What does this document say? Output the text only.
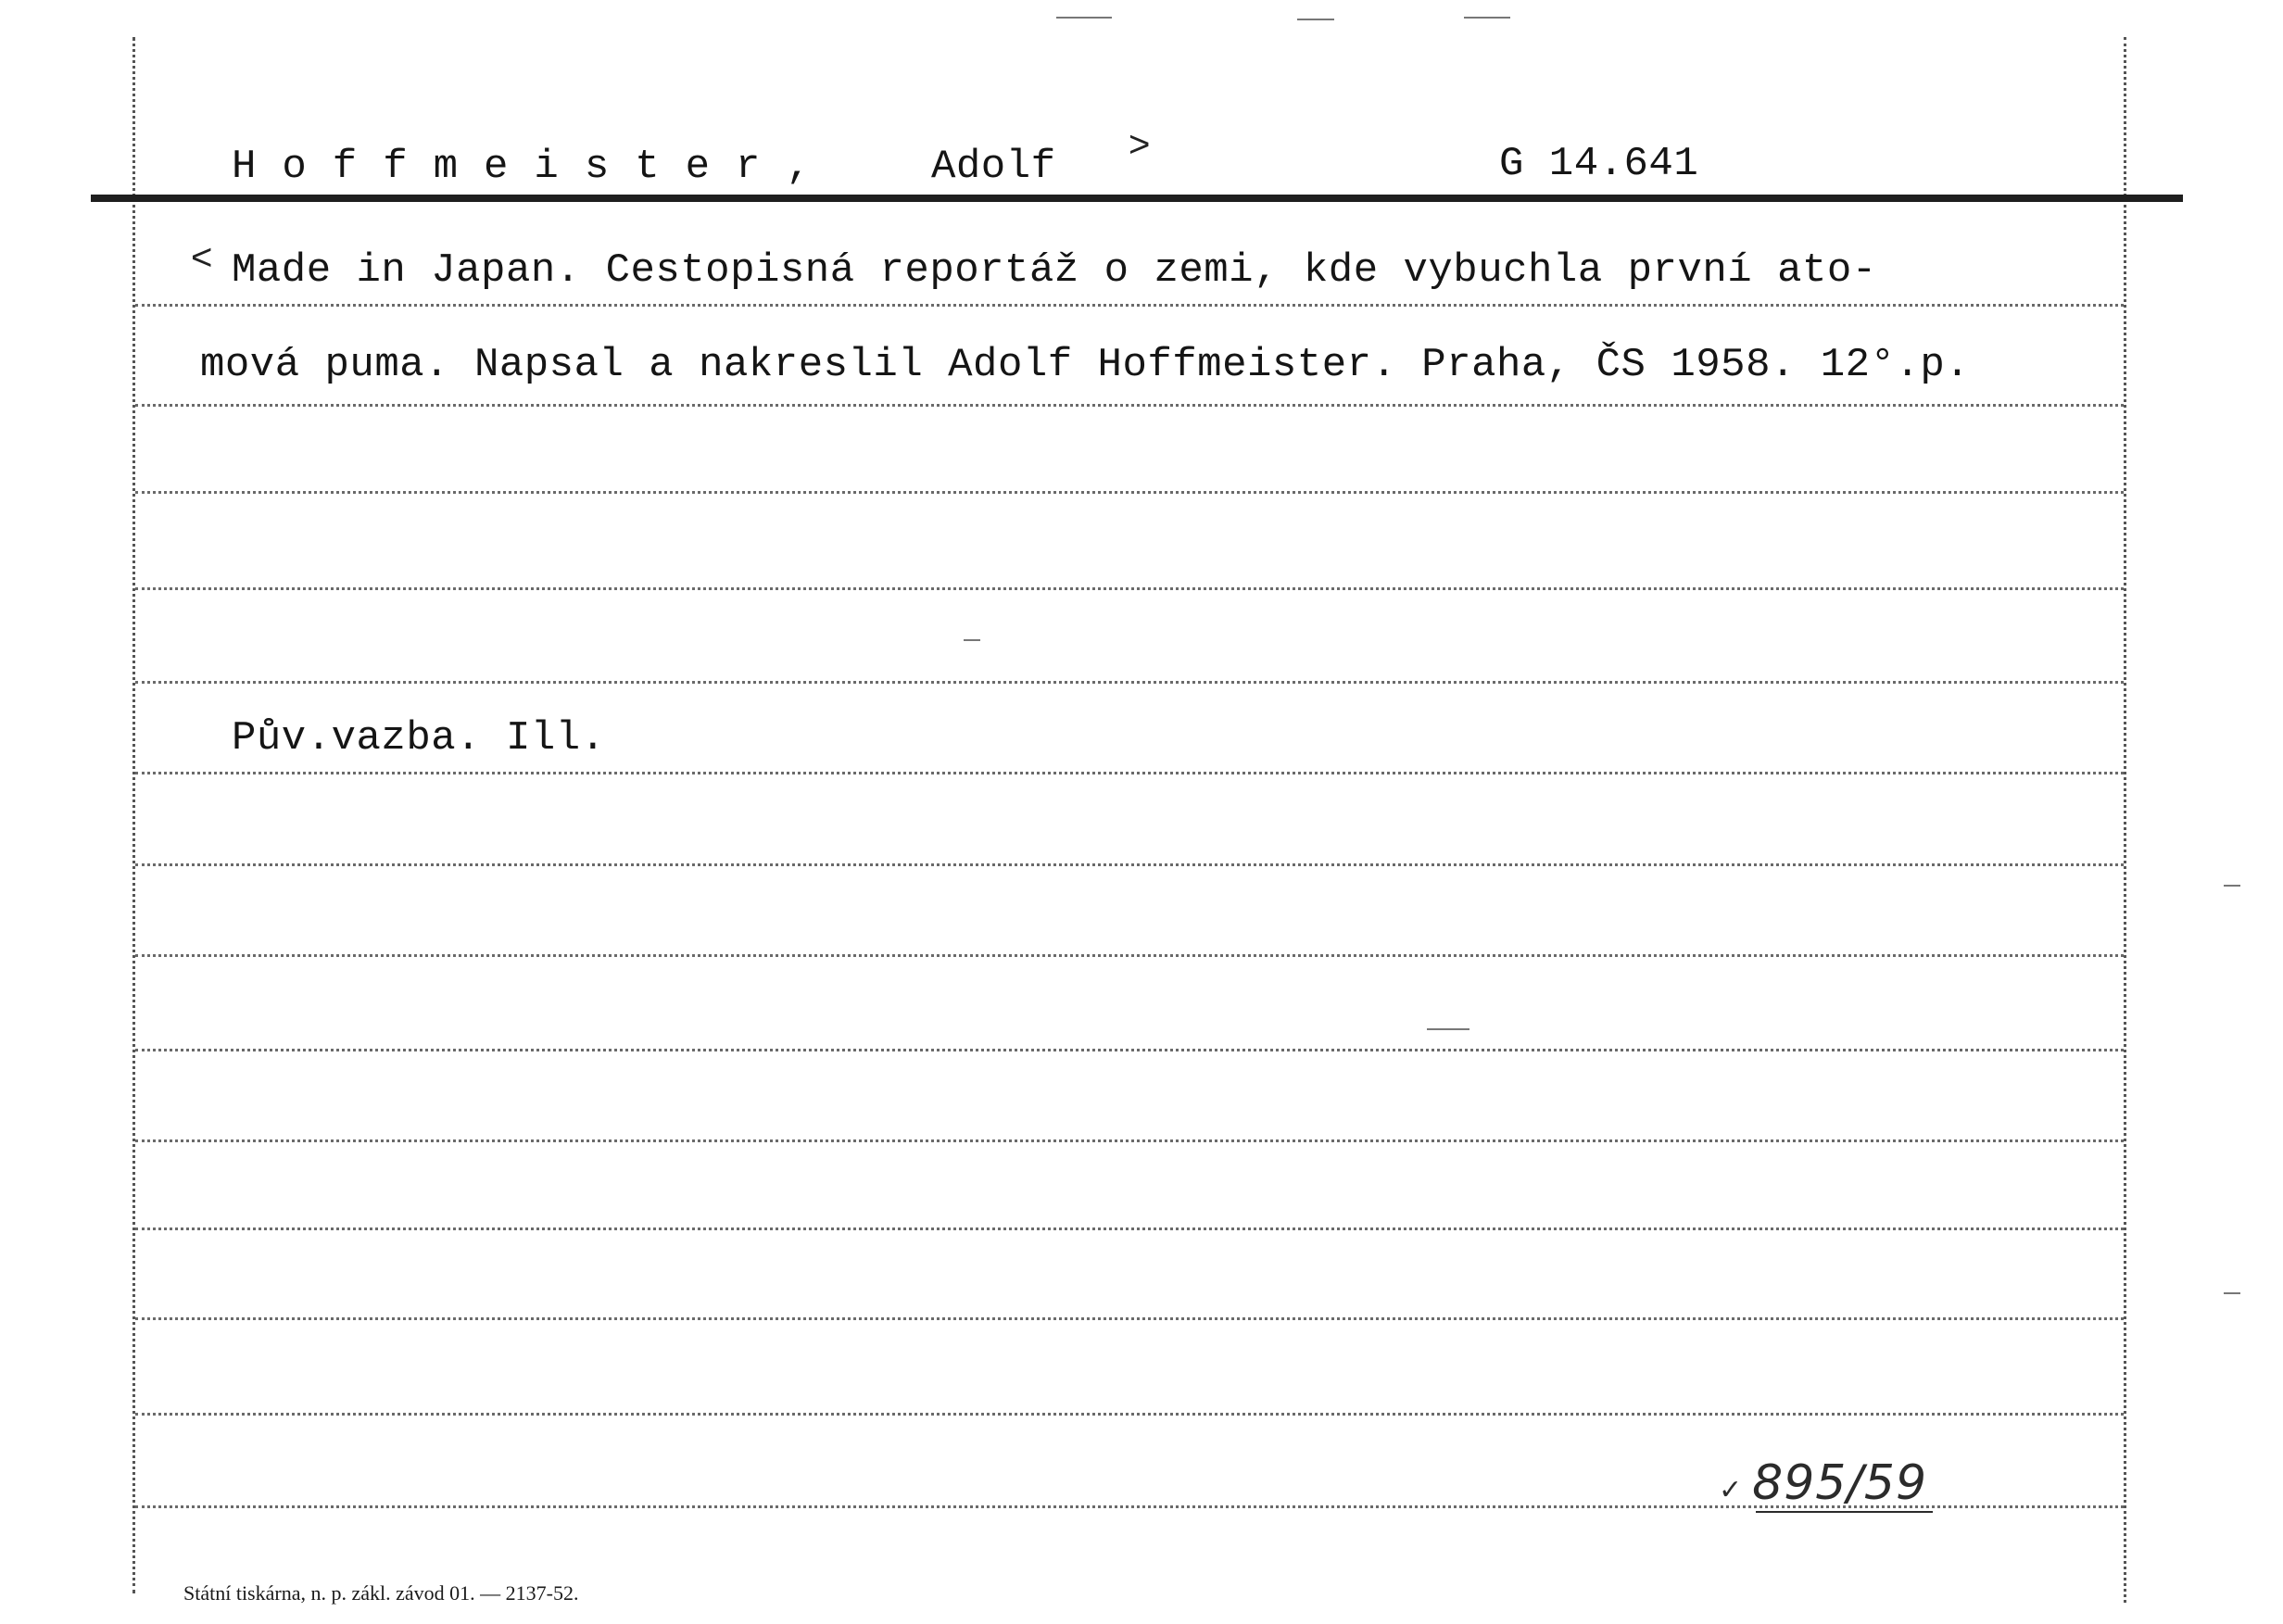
Hoffmeister, Adolf >	G 14.641
< Made in Japan. Cestopisná reportáž o zemi, kde vybuchla první ato-
mová puma. Napsal a nakreslil Adolf Hoffmeister. Praha, ČS 1958. 12°.p.
Pův.vazba. Ill.
✓ 895/59
Státní tiskárna, n. p. zákl. závod 01. — 2137-52.
